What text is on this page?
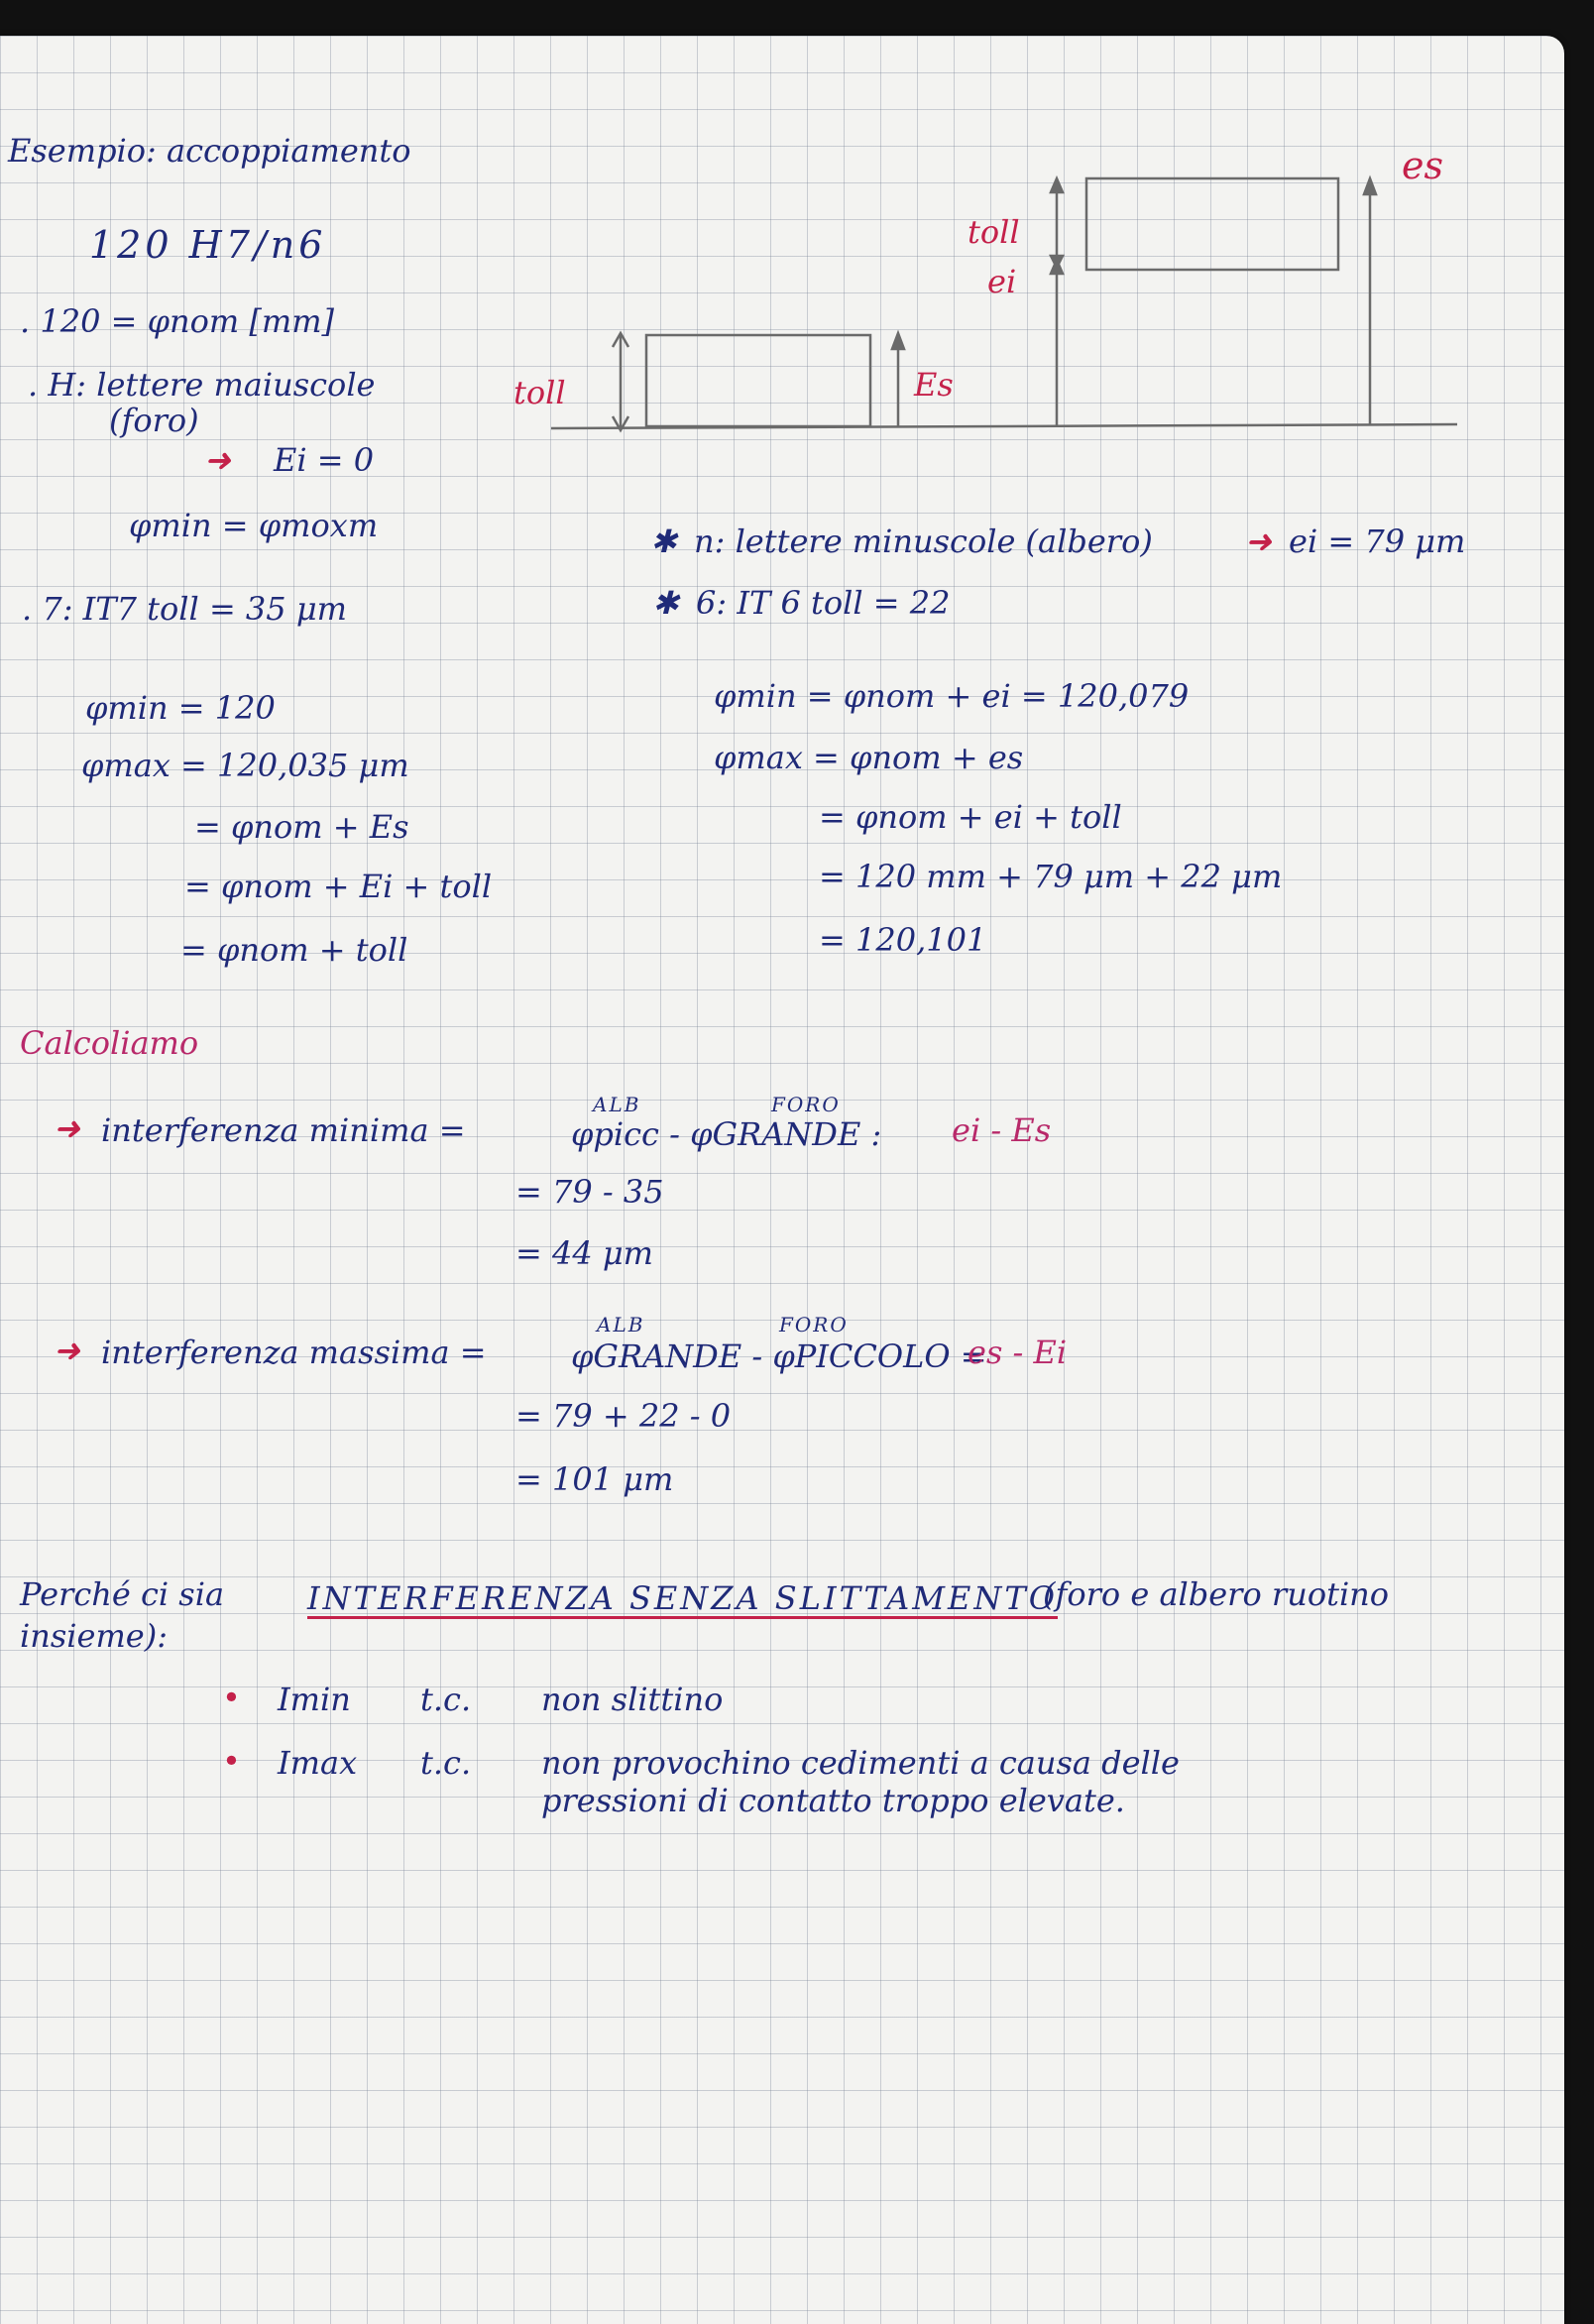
toll	Es
toll
ei
es
Esempio: accoppiamento
120 H7/n6
. 120 = φnom [mm]
. H: lettere maiuscole
(foro)
➜ Ei = 0
φmin = φmoxm
. 7: IT7 toll = 35 μm
φmin = 120
φmax = 120,035 μm
= φnom + Es
= φnom + Ei + toll
= φnom + toll
✱ n: lettere minuscole (albero)	➜ ei = 79 μm
✱ 6: IT 6 toll = 22
φmin = φnom + ei = 120,079
φmax = φnom + es
= φnom + ei + toll
= 120 mm + 79 μm + 22 μm
= 120,101
Calcoliamo
➜ interferenza minima =
ALB	FORO
φpicc - φGRANDE : ei - Es
= 79 - 35
= 44 μm
➜ interferenza massima =
ALB	FORO
φGRANDE - φPICCOLO =
es - Ei
= 79 + 22 - 0
= 101 μm
Perché ci sia	INTERFERENZA SENZA SLITTAMENTO
(foro e albero ruotino
insieme):
• Imin t.c. non slittino
• Imax t.c. non provochino cedimenti a causa delle
pressioni di contatto troppo elevate.
